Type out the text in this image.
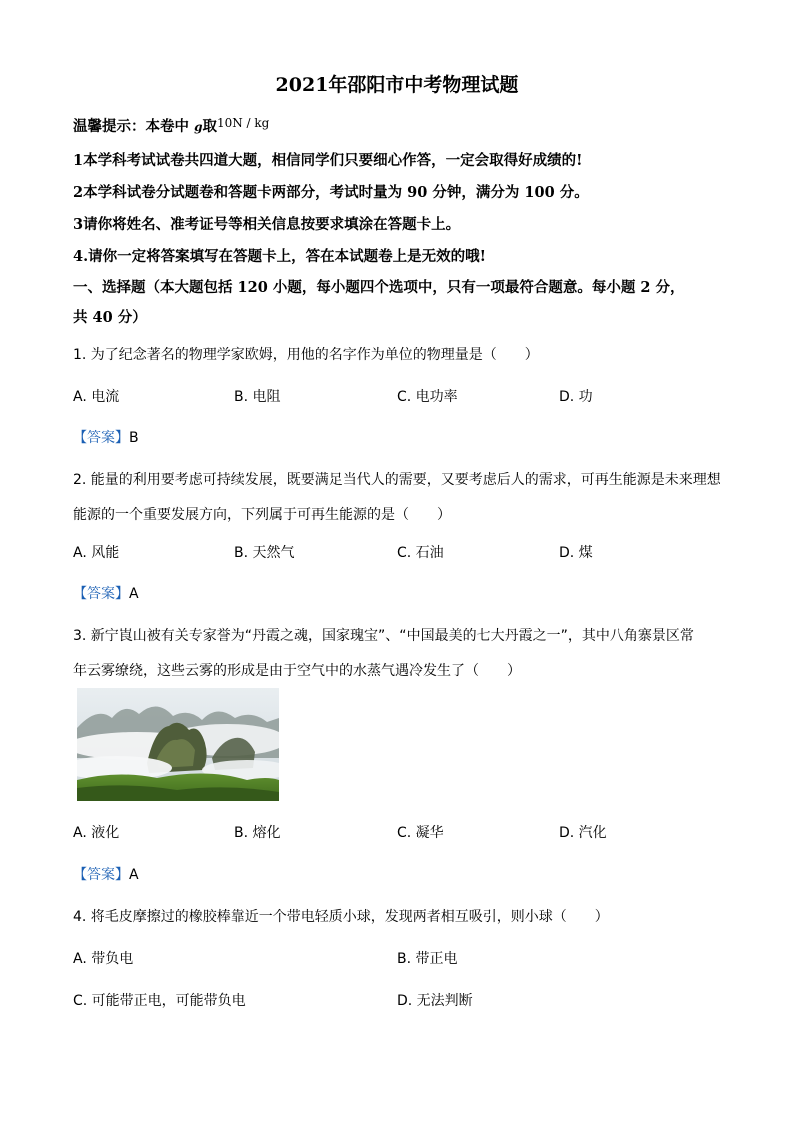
2021年邵阳市中考物理试题
温馨提示：本卷中 g取$^{10N / kg}$
1本学科考试试卷共四道大题，相信同学们只要细心作答，一定会取得好成绩的!
2本学科试卷分试题卷和答题卡两部分，考试时量为 90 分钟，满分为 100 分。
3请你将姓名、准考证号等相关信息按要求填涂在答题卡上。
4.请你一定将答案填写在答题卡上，答在本试题卷上是无效的哦!
一、选择题（本大题包括 120 小题，每小题四个选项中，只有一项最符合题意。每小题 2 分，
共 40 分）
1. 为了纪念著名的物理学家欧姆，用他的名字作为单位的物理量是（　　）
A. 电流	B. 电阻	C. 电功率	D. 功
【答案】B
2. 能量的利用要考虑可持续发展，既要满足当代人的需要，又要考虑后人的需求，可再生能源是未来理想
能源的一个重要发展方向，下列属于可再生能源的是（　　）
A. 风能	B. 天然气	C. 石油	D. 煤
【答案】A
3. 新宁崀山被有关专家誉为“丹霞之魂，国家瑰宝”、“中国最美的七大丹霞之一”，其中八角寨景区常
年云雾缭绕，这些云雾的形成是由于空气中的水蒸气遇冷发生了（　　）
A. 液化	B. 熔化	C. 凝华	D. 汽化
【答案】A
4. 将毛皮摩擦过的橡胶棒靠近一个带电轻质小球，发现两者相互吸引，则小球（　　）
A. 带负电	B. 带正电
C. 可能带正电，可能带负电	D. 无法判断
